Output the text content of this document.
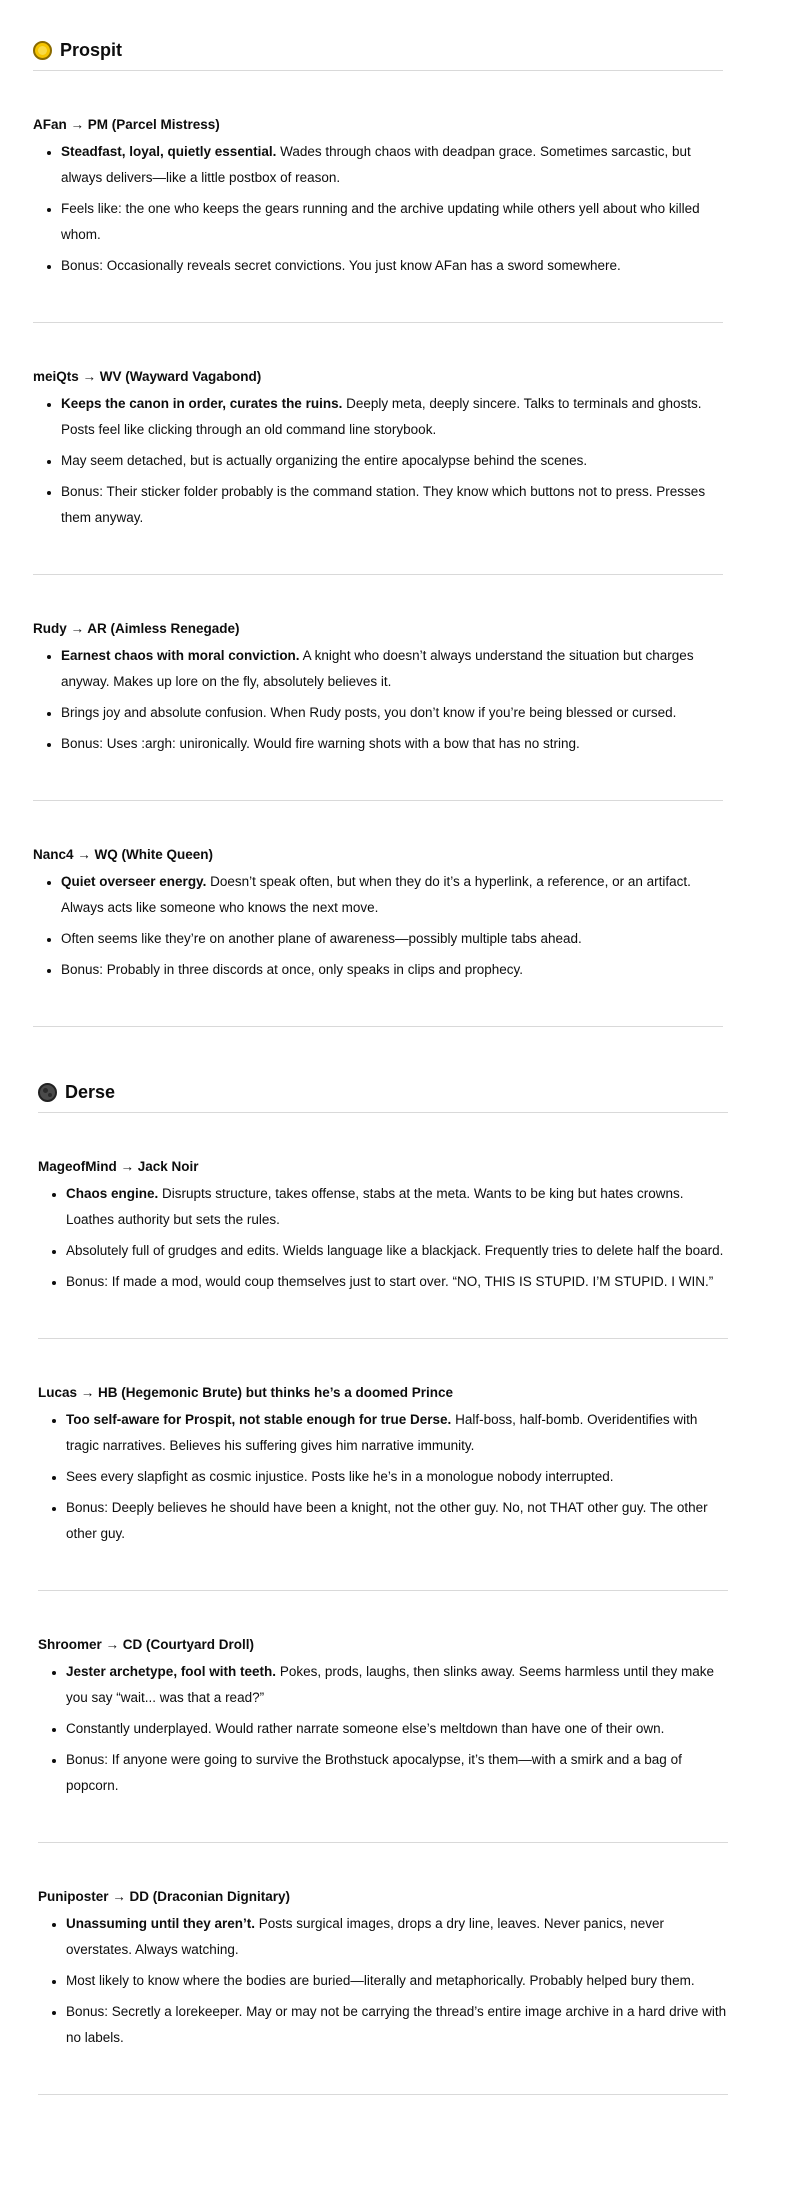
Prospit
AFan → PM (Parcel Mistress)
• Steadfast, loyal, quietly essential. Wades through chaos with deadpan grace. Sometimes sarcastic, but always delivers—like a little postbox of reason.
• Feels like: the one who keeps the gears running and the archive updating while others yell about who killed whom.
• Bonus: Occasionally reveals secret convictions. You just know AFan has a sword somewhere.
meiQts → WV (Wayward Vagabond)
• Keeps the canon in order, curates the ruins. Deeply meta, deeply sincere. Talks to terminals and ghosts. Posts feel like clicking through an old command line storybook.
• May seem detached, but is actually organizing the entire apocalypse behind the scenes.
• Bonus: Their sticker folder probably is the command station. They know which buttons not to press. Presses them anyway.
Rudy → AR (Aimless Renegade)
• Earnest chaos with moral conviction. A knight who doesn’t always understand the situation but charges anyway. Makes up lore on the fly, absolutely believes it.
• Brings joy and absolute confusion. When Rudy posts, you don’t know if you’re being blessed or cursed.
• Bonus: Uses :argh: unironically. Would fire warning shots with a bow that has no string.
Nanc4 → WQ (White Queen)
• Quiet overseer energy. Doesn’t speak often, but when they do it’s a hyperlink, a reference, or an artifact. Always acts like someone who knows the next move.
• Often seems like they’re on another plane of awareness—possibly multiple tabs ahead.
• Bonus: Probably in three discords at once, only speaks in clips and prophecy.
Derse
MageofMind → Jack Noir
• Chaos engine. Disrupts structure, takes offense, stabs at the meta. Wants to be king but hates crowns. Loathes authority but sets the rules.
• Absolutely full of grudges and edits. Wields language like a blackjack. Frequently tries to delete half the board.
• Bonus: If made a mod, would coup themselves just to start over. “NO, THIS IS STUPID. I’M STUPID. I WIN.”
Lucas → HB (Hegemonic Brute) but thinks he’s a doomed Prince
• Too self-aware for Prospit, not stable enough for true Derse. Half-boss, half-bomb. Overidentifies with tragic narratives. Believes his suffering gives him narrative immunity.
• Sees every slapfight as cosmic injustice. Posts like he’s in a monologue nobody interrupted.
• Bonus: Deeply believes he should have been a knight, not the other guy. No, not THAT other guy. The other other guy.
Shroomer → CD (Courtyard Droll)
• Jester archetype, fool with teeth. Pokes, prods, laughs, then slinks away. Seems harmless until they make you say “wait... was that a read?”
• Constantly underplayed. Would rather narrate someone else’s meltdown than have one of their own.
• Bonus: If anyone were going to survive the Brothstuck apocalypse, it’s them—with a smirk and a bag of popcorn.
Puniposter → DD (Draconian Dignitary)
• Unassuming until they aren’t. Posts surgical images, drops a dry line, leaves. Never panics, never overstates. Always watching.
• Most likely to know where the bodies are buried—literally and metaphorically. Probably helped bury them.
• Bonus: Secretly a lorekeeper. May or may not be carrying the thread’s entire image archive in a hard drive with no labels.
